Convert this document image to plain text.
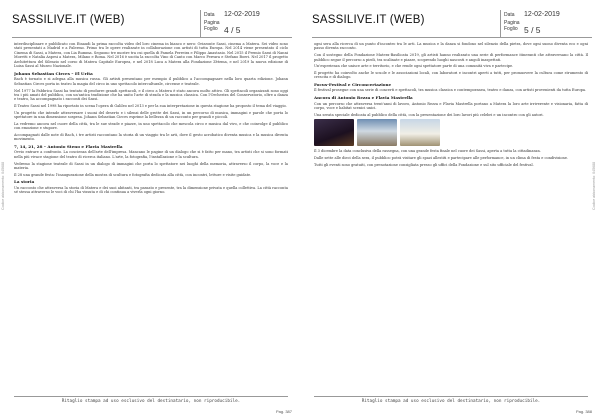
SASSILIVE.IT (WEB)	Data 12-02-2019
Pagina
Foglio 4 / 5
Codice abbonamento: 045688

interdisciplinare e pubblicato con Einaudi la prima raccolta video del loro cinema in bianco e nero: Orizzonte Sassi, cinema a Matera. Sei video sono stati presentati a Madrid e a Palermo. Primo tra le opere realizzate in collaborazione con artisti di tutta Europa. Nel 2014 viene presentato il ciclo Cinema di Sassi, a Matera, con Lia Rumma. Seguono tre mostre tra cui quella di Pamela Ferreira e Filippo Anastasio. Nel 2015 il Premio Sassi di Nanni Moretti e Natalia Aspesi a Matera, Milano e Roma. Nel 2016 è uscita la raccolta Vino di Canto con Marco Ferrara e Stefano Boeri. Nel 2017 il progetto Architettura del Silenzio nel corso di Matera Capitale Europea, e nel 2018 Luca a Matera alla Fondazione Zètema, e nel 2019 la nuova edizione di Luisa Sassi al Museo Nazionale.

Johann Sebastian Circes – El Urita

Bach è tornato e si adegua alla musica russa. Gli artisti presentano per esempio il pubblico a l'accompagnare nella loro quarta edizione. Johann Sebastian Circes porta in teatro la magia del circo in uno spettacolo interculturale, circense e teatrale.

Nel 1977 la Fabbrica Sassi ha tentato di produrre grandi spettacoli, e il circo a Matera è stato ancora molto attivo. Gli spettacoli organizzati sono oggi tra i più amati del pubblico, con un'antica tradizione che ha unito l'arte di strada e la musica classica. Con l'Orchestra del Conservatorio, oltre a danza e teatro, ha accompagnato i racconti dei Sassi.

Il Teatro Sassi nel 1998 ha riportato in scena l'opera di Galileo nel 2013 e per la sua interpretazione in questa stagione ha proposto il tema del viaggio.

Un progetto che intende attraversare i suoni del deserto e i silenzi delle grotte dei Sassi, in un percorso di musica, immagini e parole che porta lo spettatore in una dimensione sospesa. Johann Sebastian Circes esprime la bellezza di un racconto per grandi e piccoli.

La vedremo ancora nel cuore della città, tra le sue strade e piazze, in uno spettacolo che mescola circo e musica dal vivo, e che coinvolge il pubblico con emozione e stupore.

Accompagnati dalle note di Bach, i tre artisti raccontano la storia di un viaggio tra le arti, dove il gesto acrobatico diventa musica e la musica diventa movimento.

7, 14, 21, 28 – Antonio Steno e Flavia Mastrella

Ovvio entrare a confronto. La coscienza dell'arte dell'impresa. Mancano le pagine di un dialogo che si è fatto per mano, tra artisti che si sono formati nella più vivace stagione del teatro di ricerca italiano. L'arte, la fotografia, l'installazione e la scultura.

Vedremo la stagione teatrale di Sassi in un dialogo di immagini che porta lo spettatore nei luoghi della memoria, attraverso il corpo, la voce e la materia.

Il 28 una grande festa: l'inaugurazione della mostra di scultura e fotografia dedicata alla città, con incontri, letture e visite guidate.

La storia

Un racconto che attraversa la storia di Matera e dei suoi abitanti, tra passato e presente, tra la dimensione privata e quella collettiva. La città racconta sé stessa attraverso le voci di chi l'ha vissuta e di chi continua a viverla ogni giorno.

Ritaglio stampa ad uso esclusivo del destinatario, non riproducibile.
Pag. 387
SASSILIVE.IT (WEB)	Data 12-02-2019
Pagina
Foglio 5 / 5
Codice abbonamento: 045688

ogni sera alla ricerca di un punto d'incontro tra le arti. La musica e la danza si fondono nel silenzio della pietra, dove ogni suono diventa eco e ogni passo diventa racconto.

Con il sostegno della Fondazione Matera-Basilicata 2019, gli artisti hanno realizzato una serie di performance itineranti che attraversano la città. Il pubblico segue il percorso a piedi, tra scalinate e piazze, scoprendo luoghi nascosti e angoli inaspettati.

Un'esperienza che unisce arte e territorio, e che rende ogni spettatore parte di una comunità viva e partecipe.

Il progetto ha coinvolto anche le scuole e le associazioni locali, con laboratori e incontri aperti a tutti, per promuovere la cultura come strumento di crescita e di dialogo.

Focus-Festival e Circoncertazione

Il festival prosegue con una serie di concerti e spettacoli, tra musica classica e contemporanea, teatro e danza, con artisti provenienti da tutta Europa.

Ancora di Antonio Rezza e Flavia Mastrella

Con un percorso che attraversa trent'anni di lavoro, Antonio Rezza e Flavia Mastrella portano a Matera la loro arte irriverente e visionaria, fatta di corpo, voce e habitat scenici unici.

Una serata speciale dedicata al pubblico della città, con la presentazione dei loro lavori più celebri e un incontro con gli autori.

Il 3 dicembre la data conclusiva della rassegna, con una grande festa finale nel cuore dei Sassi, aperta a tutta la cittadinanza.

Dalle sette alle dieci della sera, il pubblico potrà visitare gli spazi allestiti e partecipare alle performance, in un clima di festa e condivisione.

Tutti gli eventi sono gratuiti, con prenotazione consigliata presso gli uffici della Fondazione e sul sito ufficiale del festival.

Ritaglio stampa ad uso esclusivo del destinatario, non riproducibile.
Pag. 388
